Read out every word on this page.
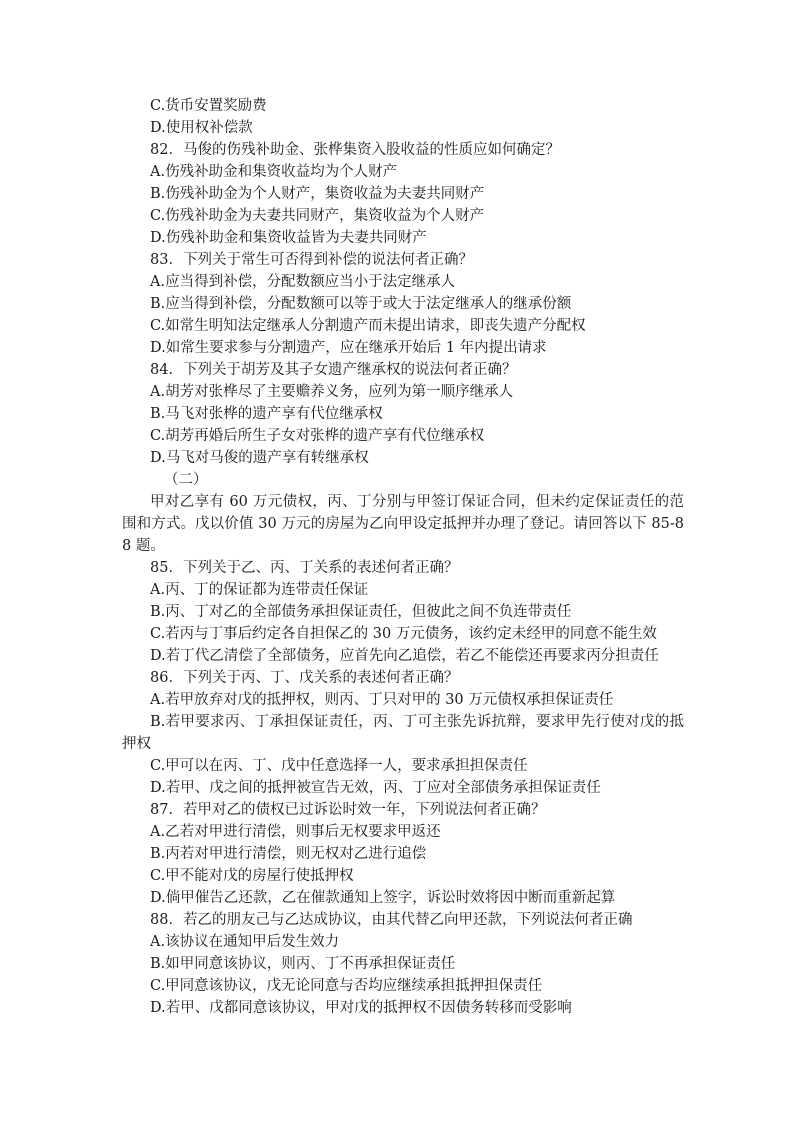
C.货币安置奖励费
D.使用权补偿款
82．马俊的伤残补助金、张桦集资入股收益的性质应如何确定？
A.伤残补助金和集资收益均为个人财产
B.伤残补助金为个人财产，集资收益为夫妻共同财产
C.伤残补助金为夫妻共同财产，集资收益为个人财产
D.伤残补助金和集资收益皆为夫妻共同财产
83．下列关于常生可否得到补偿的说法何者正确？
A.应当得到补偿，分配数额应当小于法定继承人
B.应当得到补偿，分配数额可以等于或大于法定继承人的继承份额
C.如常生明知法定继承人分割遗产而未提出请求，即丧失遗产分配权
D.如常生要求参与分割遗产，应在继承开始后 1 年内提出请求
84．下列关于胡芳及其子女遗产继承权的说法何者正确？
A.胡芳对张桦尽了主要赡养义务，应列为第一顺序继承人
B.马飞对张桦的遗产享有代位继承权
C.胡芳再婚后所生子女对张桦的遗产享有代位继承权
D.马飞对马俊的遗产享有转继承权
（二）
甲对乙享有 60 万元债权，丙、丁分别与甲签订保证合同，但未约定保证责任的范围和方式。戊以价值 30 万元的房屋为乙向甲设定抵押并办理了登记。请回答以下 85-88 题。
85．下列关于乙、丙、丁关系的表述何者正确？
A.丙、丁的保证都为连带责任保证
B.丙、丁对乙的全部债务承担保证责任，但彼此之间不负连带责任
C.若丙与丁事后约定各自担保乙的 30 万元债务，该约定未经甲的同意不能生效
D.若丁代乙清偿了全部债务，应首先向乙追偿，若乙不能偿还再要求丙分担责任
86．下列关于丙、丁、戊关系的表述何者正确？
A.若甲放弃对戊的抵押权，则丙、丁只对甲的 30 万元债权承担保证责任
B.若甲要求丙、丁承担保证责任，丙、丁可主张先诉抗辩，要求甲先行使对戊的抵押权
C.甲可以在丙、丁、戊中任意选择一人，要求承担担保责任
D.若甲、戊之间的抵押被宣告无效，丙、丁应对全部债务承担保证责任
87．若甲对乙的债权已过诉讼时效一年，下列说法何者正确？
A.乙若对甲进行清偿，则事后无权要求甲返还
B.丙若对甲进行清偿，则无权对乙进行追偿
C.甲不能对戊的房屋行使抵押权
D.倘甲催告乙还款，乙在催款通知上签字，诉讼时效将因中断而重新起算
88．若乙的朋友己与乙达成协议，由其代替乙向甲还款，下列说法何者正确
A.该协议在通知甲后发生效力
B.如甲同意该协议，则丙、丁不再承担保证责任
C.甲同意该协议，戊无论同意与否均应继续承担抵押担保责任
D.若甲、戊都同意该协议，甲对戊的抵押权不因债务转移而受影响
